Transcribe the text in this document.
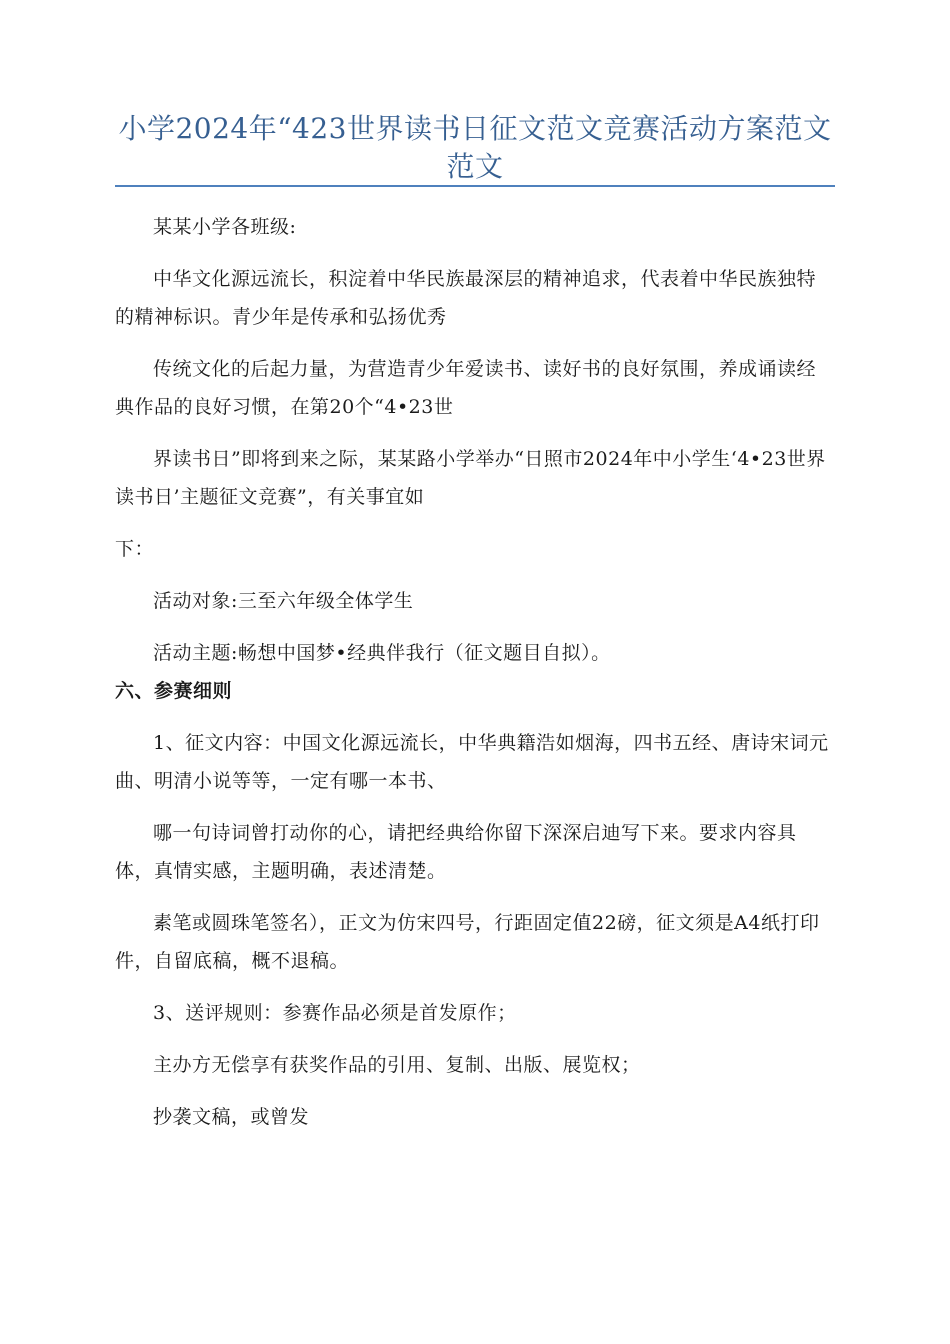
小学2024年“423世界读书日征文范文竞赛活动方案范文范文

某某小学各班级:

中华文化源远流长，积淀着中华民族最深层的精神追求，代表着中华民族独特的精神标识。青少年是传承和弘扬优秀

传统文化的后起力量，为营造青少年爱读书、读好书的良好氛围，养成诵读经典作品的良好习惯，在第20个“4•23世

界读书日”即将到来之际，某某路小学举办“日照市2024年中小学生‘4•23世界读书日’主题征文竞赛”，有关事宜如

下：

活动对象:三至六年级全体学生

活动主题:畅想中国梦•经典伴我行（征文题目自拟）。

六、参赛细则

1、征文内容：中国文化源远流长，中华典籍浩如烟海，四书五经、唐诗宋词元曲、明清小说等等，一定有哪一本书、

哪一句诗词曾打动你的心，请把经典给你留下深深启迪写下来。要求内容具体，真情实感，主题明确，表述清楚。

素笔或圆珠笔签名），正文为仿宋四号，行距固定值22磅，征文须是A4纸打印件，自留底稿，概不退稿。

3、送评规则：参赛作品必须是首发原作；

主办方无偿享有获奖作品的引用、复制、出版、展览权；

抄袭文稿，或曾发
